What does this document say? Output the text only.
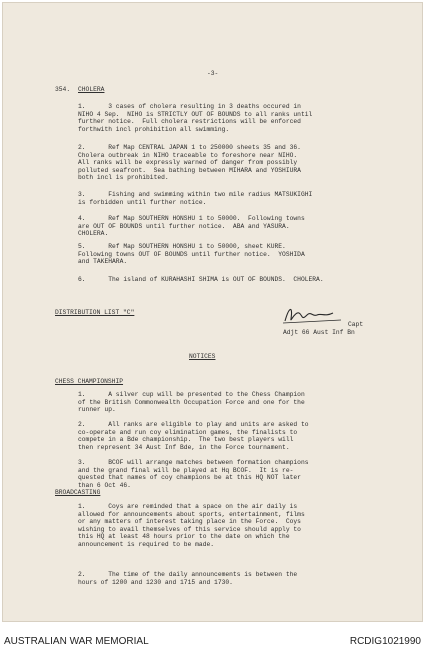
-3-
354. CHOLERA
1.      3 cases of cholera resulting in 3 deaths occured in
NIHO 4 Sep.  NIHO is STRICTLY OUT OF BOUNDS to all ranks until
further notice.  Full cholera restrictions will be enforced
forthwith incl prohibition all swimming.
2.      Ref Map CENTRAL JAPAN 1 to 250000 sheets 35 and 36.
Cholera outbreak in NIHO traceable to foreshore near NIHO.
All ranks will be expressly warned of danger from possibly
polluted seafront.  Sea bathing between MIHARA and YOSHIURA
both incl is prohibited.
3.      Fishing and swimming within two mile radius MATSUKIGHI
is forbidden until further notice.
4.      Ref Map SOUTHERN HONSHU 1 to 50000.  Following towns
are OUT OF BOUNDS until further notice.  ABA and YASURA.
CHOLERA.
5.      Ref Map SOUTHERN HONSHU 1 to 50000, sheet KURE.
Following towns OUT OF BOUNDS until further notice.  YOSHIDA
and TAKEHARA.
6.      The island of KURAHASHI SHIMA is OUT OF BOUNDS.  CHOLERA.
DISTRIBUTION LIST "C"
Capt
Adjt 66 Aust Inf Bn
NOTICES
CHESS CHAMPIONSHIP
1.      A silver cup will be presented to the Chess Champion
of the British Commonwealth Occupation Force and one for the
runner up.
2.      All ranks are eligible to play and units are asked to
co-operate and run coy elimination games, the finalists to
compete in a Bde championship.  The two best players will
then represent 34 Aust Inf Bde, in the Force tournament.
3.      BCOF will arrange matches between formation champions
and the grand final will be played at Hq BCOF.  It is re-
quested that names of coy champions be at this HQ NOT later
than 6 Oct 46.
BROADCASTING
1.      Coys are reminded that a space on the air daily is
allowed for announcements about sports, entertainment, films
or any matters of interest taking place in the Force.  Coys
wishing to avail themselves of this service should apply to
this HQ at least 48 hours prior to the date on which the
announcement is required to be made.
2.      The time of the daily announcements is between the
hours of 1200 and 1230 and 1715 and 1730.
AUSTRALIAN WAR MEMORIAL	RCDIG1021990
